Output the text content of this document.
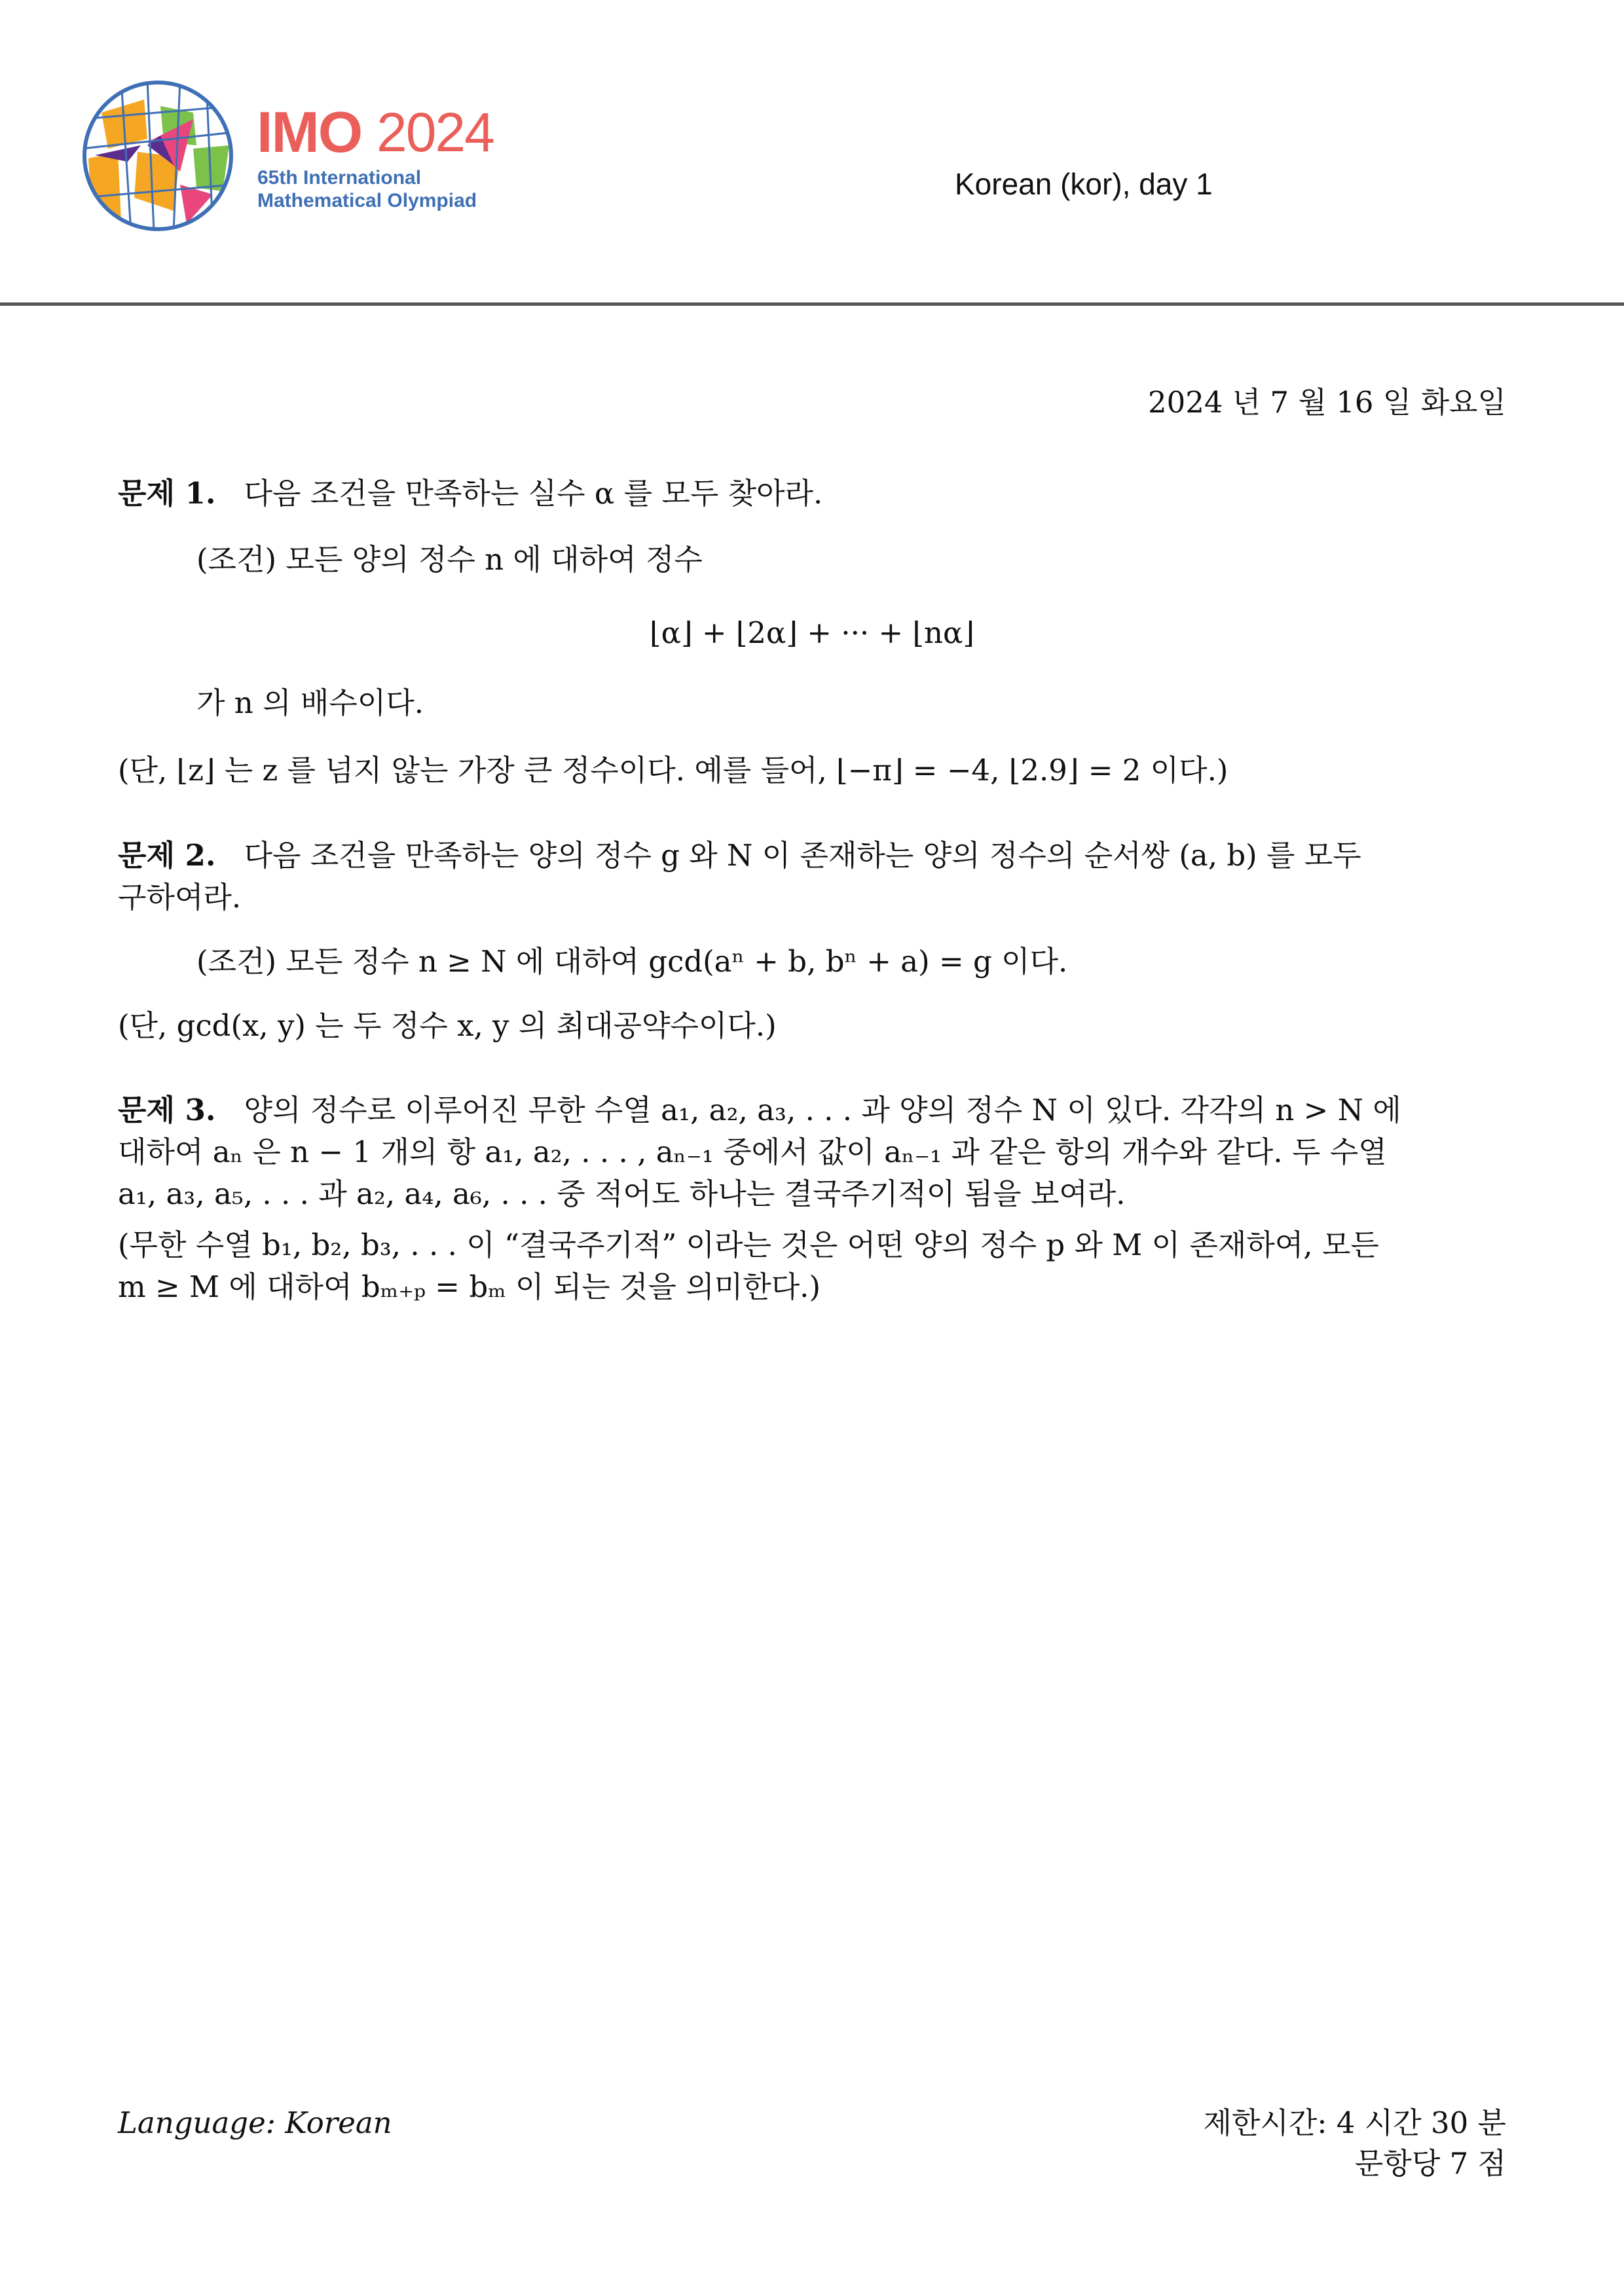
IMO 2024
65th International
Mathematical Olympiad	Korean (kor), day 1
2024 년 7 월 16 일 화요일
문제 1. 다음 조건을 만족하는 실수 α 를 모두 찾아라.
(조건) 모든 양의 정수 n 에 대하여 정수
⌊α⌋ + ⌊2α⌋ + ··· + ⌊nα⌋
가 n 의 배수이다.
(단, ⌊z⌋ 는 z 를 넘지 않는 가장 큰 정수이다. 예를 들어, ⌊−π⌋ = −4, ⌊2.9⌋ = 2 이다.)
문제 2. 다음 조건을 만족하는 양의 정수 g 와 N 이 존재하는 양의 정수의 순서쌍 (a, b) 를 모두
구하여라.
(조건) 모든 정수 n ≥ N 에 대하여 gcd(aⁿ + b, bⁿ + a) = g 이다.
(단, gcd(x, y) 는 두 정수 x, y 의 최대공약수이다.)
문제 3. 양의 정수로 이루어진 무한 수열 a₁, a₂, a₃, . . . 과 양의 정수 N 이 있다. 각각의 n > N 에
대하여 aₙ 은 n − 1 개의 항 a₁, a₂, . . . , aₙ₋₁ 중에서 값이 aₙ₋₁ 과 같은 항의 개수와 같다. 두 수열
a₁, a₃, a₅, . . . 과 a₂, a₄, a₆, . . . 중 적어도 하나는 결국주기적이 됨을 보여라.
(무한 수열 b₁, b₂, b₃, . . . 이 “결국주기적” 이라는 것은 어떤 양의 정수 p 와 M 이 존재하여, 모든
m ≥ M 에 대하여 bₘ₊ₚ = bₘ 이 되는 것을 의미한다.)
Language: Korean	제한시간: 4 시간 30 분
문항당 7 점
